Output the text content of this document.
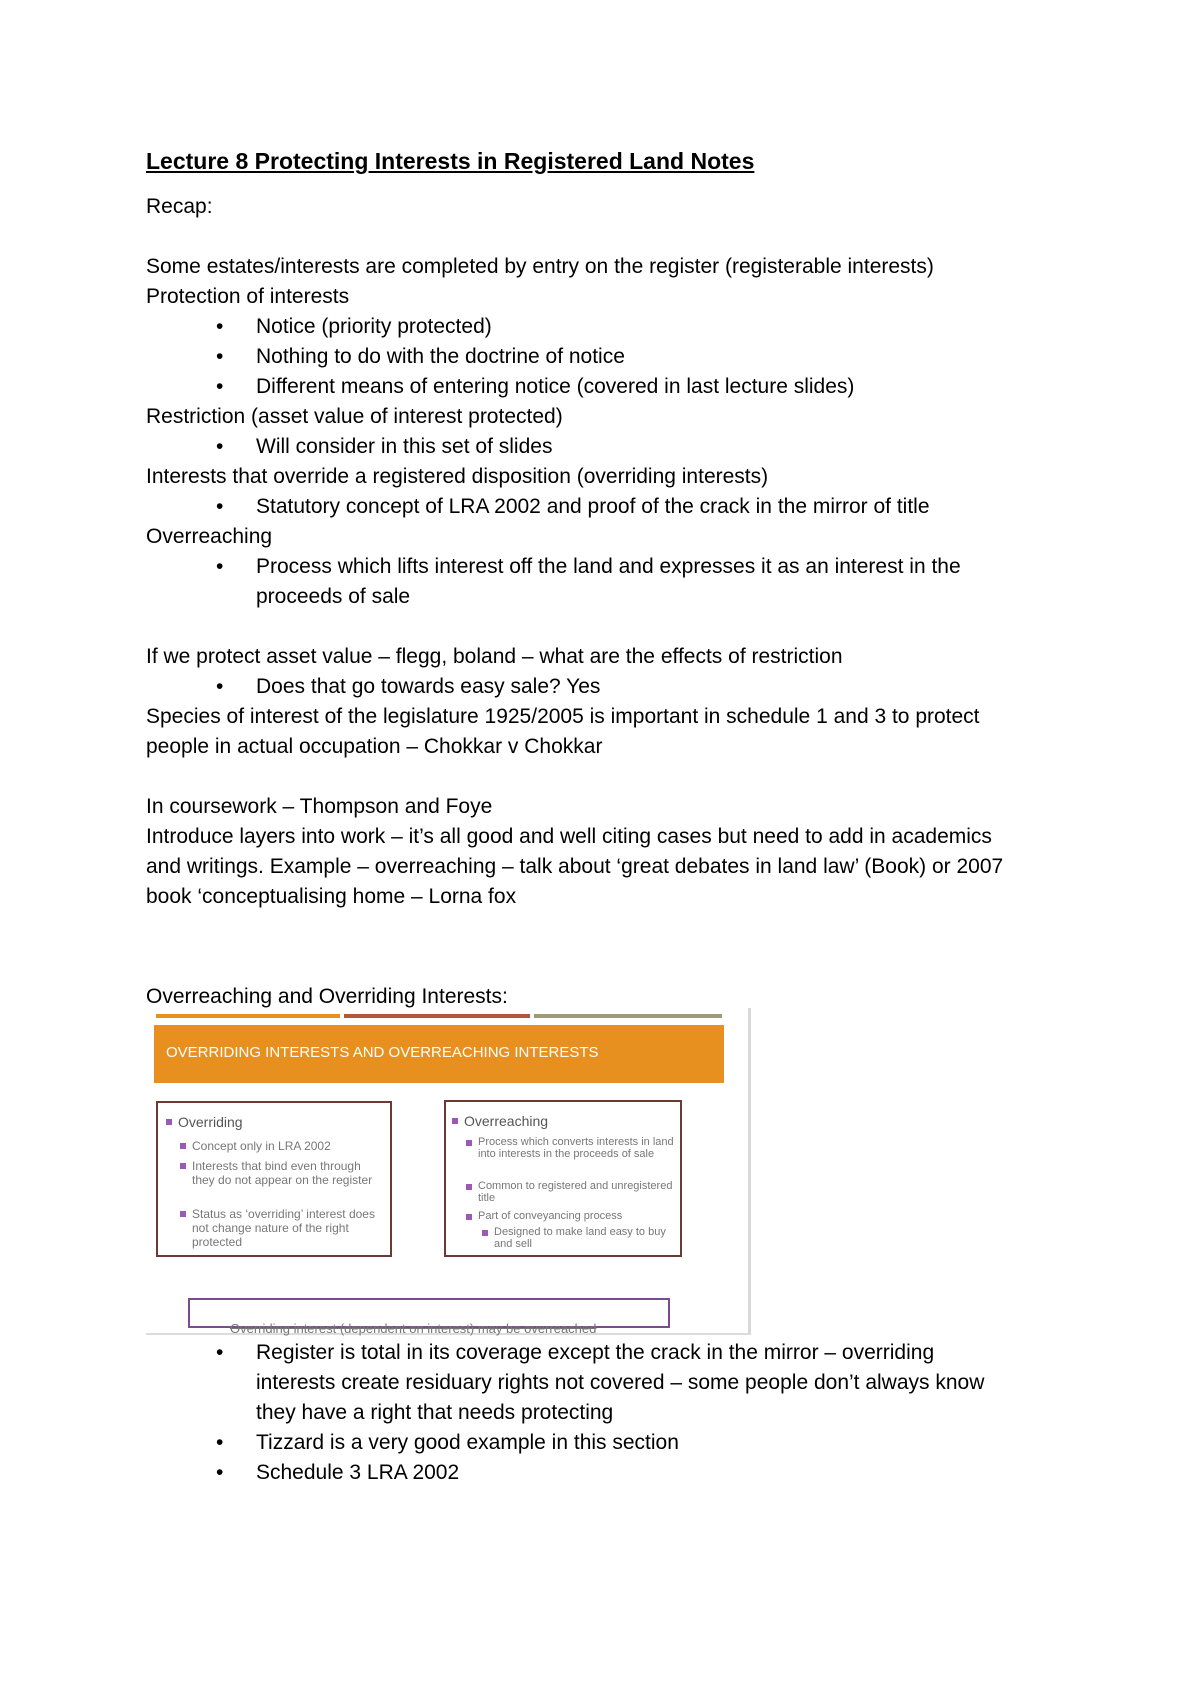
Lecture 8 Protecting Interests in Registered Land Notes
Recap:
Some estates/interests are completed by entry on the register (registerable interests)
Protection of interests
• Notice (priority protected)
• Nothing to do with the doctrine of notice
• Different means of entering notice (covered in last lecture slides)
Restriction (asset value of interest protected)
• Will consider in this set of slides
Interests that override a registered disposition (overriding interests)
• Statutory concept of LRA 2002 and proof of the crack in the mirror of title
Overreaching
• Process which lifts interest off the land and expresses it as an interest in the
proceeds of sale
If we protect asset value – flegg, boland – what are the effects of restriction
• Does that go towards easy sale? Yes
Species of interest of the legislature 1925/2005 is important in schedule 1 and 3 to protect
people in actual occupation – Chokkar v Chokkar
In coursework – Thompson and Foye
Introduce layers into work – it’s all good and well citing cases but need to add in academics
and writings. Example – overreaching – talk about ‘great debates in land law’ (Book) or 2007
book ‘conceptualising home – Lorna fox
Overreaching and Overriding Interests:
OVERRIDING INTERESTS AND OVERREACHING INTERESTS
Overriding
Concept only in LRA 2002
Interests that bind even through they do not appear on the register
Status as ‘overriding’ interest does not change nature of the right protected
Overreaching
Process which converts interests in land into interests in the proceeds of sale
Common to registered and unregistered title
Part of conveyancing process
Designed to make land easy to buy and sell
Overriding interest (dependent on interest) may be overreached
• Register is total in its coverage except the crack in the mirror – overriding
interests create residuary rights not covered – some people don’t always know
they have a right that needs protecting
• Tizzard is a very good example in this section
• Schedule 3 LRA 2002
